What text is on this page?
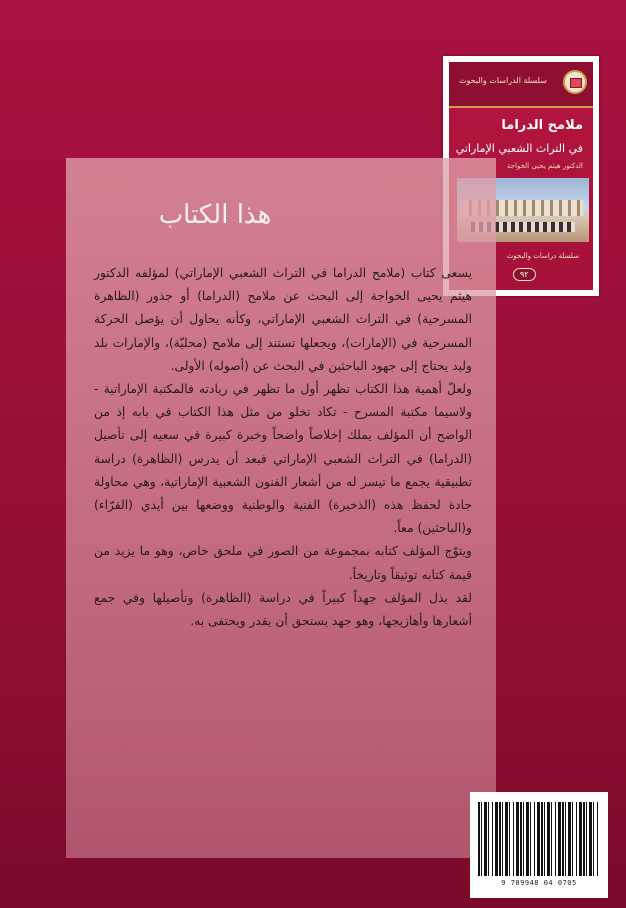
سلسلة الدراسات والبحوث
ملامح الدراما
في التراث الشعبي الإماراتي
الدكتور هيثم يحيى الخواجة
سلسلة دراسات والبحوث
٩٢
هذا الكتاب

يسعى كتاب (ملامح الدراما في التراث الشعبي الإماراتي) لمؤلفه الدكتور هيثم يحيى الخواجة إلى البحث عن ملامح (الدراما) أو جذور (الظاهرة المسرحية) في التراث الشعبي الإماراتي، وكأنه يحاول أن يؤصل الحركة المسرحية في (الإمارات)، ويجعلها تستند إلى ملامح (محليّة)، والإمارات بلد وليد يحتاج إلى جهود الباحثين في البحث عن (أصوله) الأولى.

ولعلّ أهمية هذا الكتاب تظهر أول ما تظهر في ريادته فالمكتبة الإماراتية - ولاسيما مكتبة المسرح - تكاد تخلو من مثل هذا الكتاب في بابه إذ من الواضح أن المؤلف يملك إخلاصاً واضحاً وخبرة كبيرة في سعيه إلى تأصيل (الدراما) في التراث الشعبي الإماراتي فبعد أن يدرس (الظاهرة) دراسة تطبيقية يجمع ما تيسر له من أشعار الفنون الشعبية الإماراتية، وهي محاولة جادة لحفظ هذه (الذخيرة) الفنية والوطنية ووضعها بين أيدي (القرّاء) و(الباحثين) معاً.

ويتوّج المؤلف كتابه بمجموعة من الصور في ملحق خاص، وهو ما يزيد من قيمة كتابه توثيقاً وتاريخاً.

لقد بذل المؤلف جهداً كبيراً في دراسة (الظاهرة) وتأصيلها وفي جمع أشعارها وأهازيجها، وهو جهد يستحق أن يقدر ويحتفى به.

9 789948 04 0705
